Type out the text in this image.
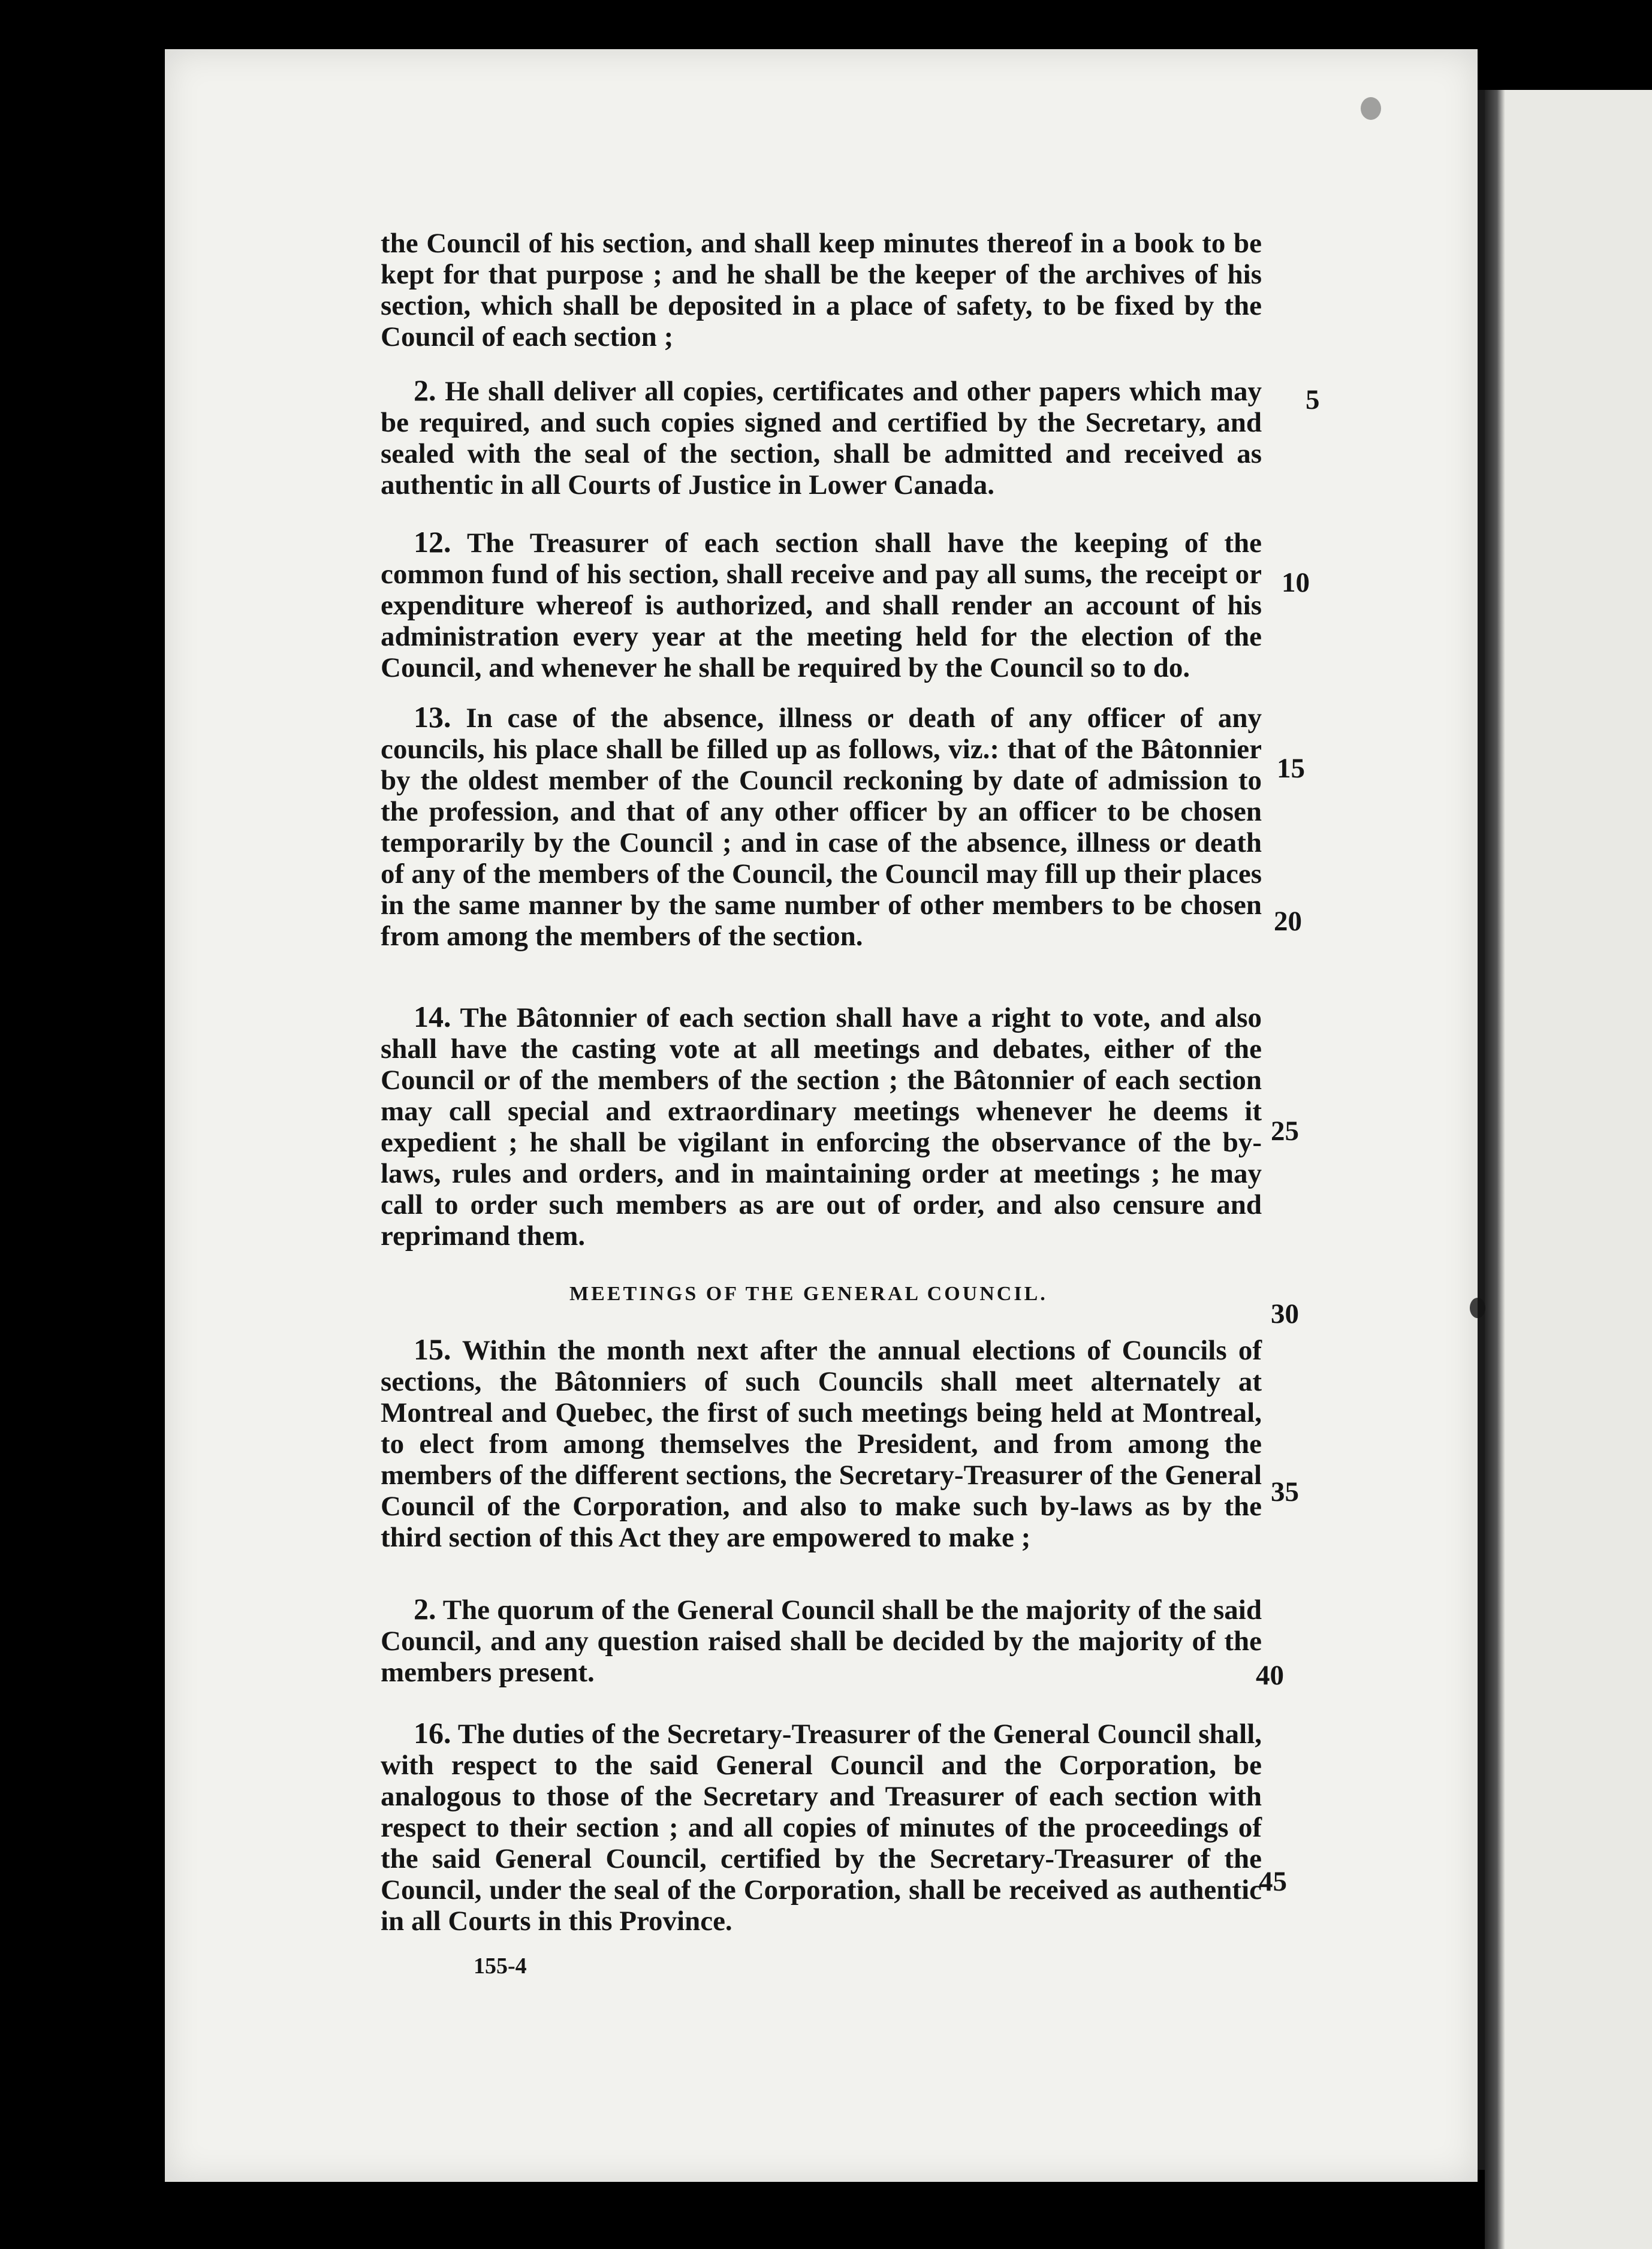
the Council of his section, and shall keep minutes thereof in a book to be kept for that purpose ; and he shall be the keeper of the archives of his section, which shall be deposited in a place of safety, to be fixed by the Council of each section ;

2. He shall deliver all copies, certificates and other papers which may be required, and such copies signed and certified by the Secretary, and sealed with the seal of the section, shall be admitted and received as authentic in all Courts of Justice in Lower Canada.

12. The Treasurer of each section shall have the keeping of the common fund of his section, shall receive and pay all sums, the receipt or expenditure whereof is authorized, and shall render an account of his administration every year at the meeting held for the election of the Council, and whenever he shall be required by the Council so to do.

13. In case of the absence, illness or death of any officer of any councils, his place shall be filled up as follows, viz.: that of the Bâtonnier by the oldest member of the Council reckoning by date of admission to the profession, and that of any other officer by an officer to be chosen temporarily by the Council ; and in case of the absence, illness or death of any of the members of the Council, the Council may fill up their places in the same manner by the same number of other members to be chosen from among the members of the section.

14. The Bâtonnier of each section shall have a right to vote, and also shall have the casting vote at all meetings and debates, either of the Council or of the members of the section ; the Bâtonnier of each section may call special and extraordinary meetings whenever he deems it expedient ; he shall be vigilant in enforcing the observance of the by-laws, rules and orders, and in maintaining order at meetings ; he may call to order such members as are out of order, and also censure and reprimand them.

MEETINGS OF THE GENERAL COUNCIL.

15. Within the month next after the annual elections of Councils of sections, the Bâtonniers of such Councils shall meet alternately at Montreal and Quebec, the first of such meetings being held at Montreal, to elect from among themselves the President, and from among the members of the different sections, the Secretary-Treasurer of the General Council of the Corporation, and also to make such by-laws as by the third section of this Act they are empowered to make ;

2. The quorum of the General Council shall be the majority of the said Council, and any question raised shall be decided by the majority of the members present.

16. The duties of the Secretary-Treasurer of the General Council shall, with respect to the said General Council and the Corporation, be analogous to those of the Secretary and Treasurer of each section with respect to their section ; and all copies of minutes of the proceedings of the said General Council, certified by the Secretary-Treasurer of the Council, under the seal of the Corporation, shall be received as authentic in all Courts in this Province.

5
10
15
20
25
30
35
40
45
155-4
